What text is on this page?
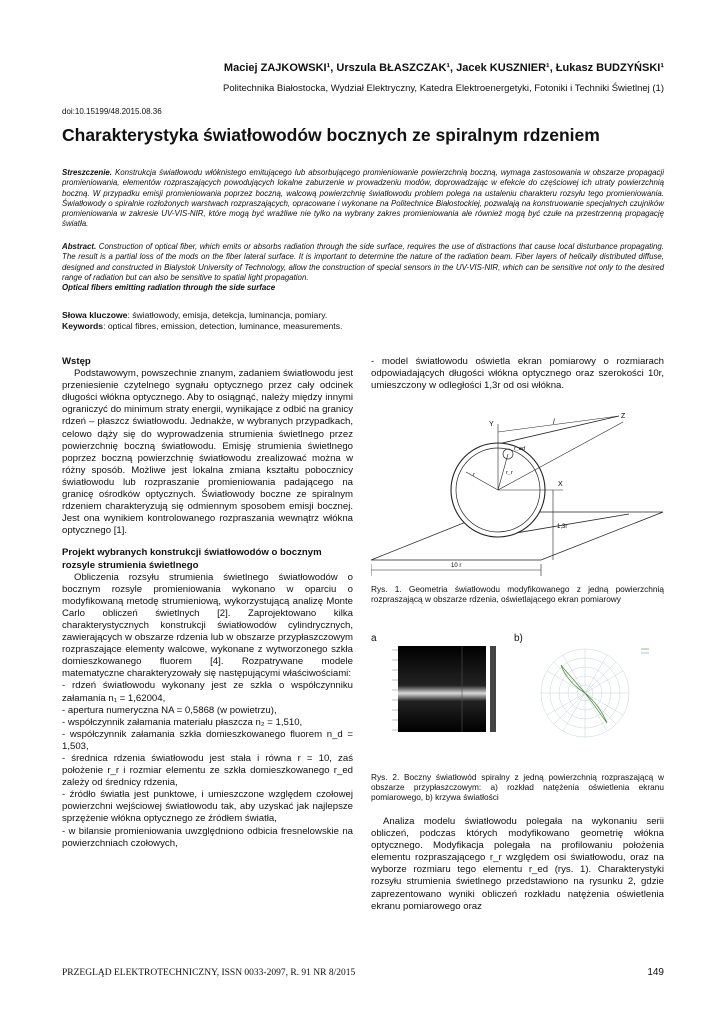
Maciej ZAJKOWSKI¹, Urszula BŁASZCZAK¹, Jacek KUSZNIER¹, Łukasz BUDZYŃSKI¹
Politechnika Białostocka, Wydział Elektryczny, Katedra Elektroenergetyki, Fotoniki i Techniki Świetlnej (1)
doi:10.15199/48.2015.08.36
Charakterystyka światłowodów bocznych ze spiralnym rdzeniem
Streszczenie. Konstrukcja światłowodu włóknistego emitującego lub absorbującego promieniowanie powierzchnią boczną, wymaga zastosowania w obszarze propagacji promieniowania, elementów rozpraszających powodujących lokalne zaburzenie w prowadzeniu modów, doprowadzając w efekcie do częściowej ich utraty powierzchnią boczną. W przypadku emisji promieniowania poprzez boczną, walcową powierzchnię światłowodu problem polega na ustaleniu charakteru rozsyłu tego promieniowania. Światłowody o spiralnie rozłożonych warstwach rozpraszających, opracowane i wykonane na Politechnice Białostockiej, pozwalają na konstruowanie specjalnych czujników promieniowania w zakresie UV-VIS-NIR, które mogą być wrażliwe nie tylko na wybrany zakres promieniowania ale również mogą być czułe na przestrzenną propagację światła.
Abstract. Construction of optical fiber, which emits or absorbs radiation through the side surface, requires the use of distractions that cause local disturbance propagating. The result is a partial loss of the mods on the fiber lateral surface. It is important to determine the nature of the radiation beam. Fiber layers of helically distributed diffuse, designed and constructed in Bialystok University of Technology, allow the construction of special sensors in the UV-VIS-NIR, which can be sensitive not only to the desired range of radiation but can also be sensitive to spatial light propagation.
Optical fibers emitting radiation through the side surface
Słowa kluczowe: światłowody, emisja, detekcja, luminancja, pomiary.
Keywords: optical fibres, emission, detection, luminance, measurements.
Wstęp
Podstawowym, powszechnie znanym, zadaniem światłowodu jest przeniesienie czytelnego sygnału optycznego przez cały odcinek długości włókna optycznego. Aby to osiągnąć, należy między innymi ograniczyć do minimum straty energii, wynikające z odbić na granicy rdzeń – płaszcz światłowodu. Jednakże, w wybranych przypadkach, celowo dąży się do wyprowadzenia strumienia świetlnego przez powierzchnię boczną światłowodu. Emisję strumienia świetlnego poprzez boczną powierzchnię światłowodu zrealizować można w różny sposób. Możliwe jest lokalna zmiana kształtu pobocznicy światłowodu lub rozpraszanie promieniowania padającego na granicę ośrodków optycznych. Światłowody boczne ze spiralnym rdzeniem charakteryzują się odmiennym sposobem emisji bocznej. Jest ona wynikiem kontrolowanego rozpraszania wewnątrz włókna optycznego [1].
Projekt wybranych konstrukcji światłowodów o bocznym rozsyle strumienia świetlnego
Obliczenia rozsyłu strumienia świetlnego światłowodów o bocznym rozsyle promieniowania wykonano w oparciu o modyfikowaną metodę strumieniową, wykorzystującą analizę Monte Carlo obliczeń świetlnych [2]. Zaprojektowano kilka charakterystycznych konstrukcji światłowodów cylindrycznych, zawierających w obszarze rdzenia lub w obszarze przypłaszczowym rozpraszające elementy walcowe, wykonane z wytworzonego szkła domieszkowanego fluorem [4]. Rozpatrywane modele matematyczne charakteryzowały się następującymi właściwościami:
- rdzeń światłowodu wykonany jest ze szkła o współczynniku załamania n₁ = 1,62004,
- apertura numeryczna NA = 0,5868 (w powietrzu),
- współczynnik załamania materiału płaszcza n₂ = 1,510,
- współczynnik załamania szkła domieszkowanego fluorem n_d = 1,503,
- średnica rdzenia światłowodu jest stała i równa r = 10, zaś położenie r_r i rozmiar elementu ze szkła domieszkowanego r_ed zależy od średnicy rdzenia,
- źródło światła jest punktowe, i umieszczone względem czołowej powierzchni wejściowej światłowodu tak, aby uzyskać jak najlepsze sprzężenie włókna optycznego ze źródłem światła,
- w bilansie promieniowania uwzględniono odbicia fresnelowskie na powierzchniach czołowych,
- model światłowodu oświetla ekran pomiarowy o rozmiarach odpowiadających długości włókna optycznego oraz szerokości 10r, umieszczony w odległości 1,3r od osi włókna.
Y
Z
X
l
r_ed
r_r
r
1,3r
10 r
Rys. 1. Geometria światłowodu modyfikowanego z jedną powierzchnią rozpraszającą w obszarze rdzenia, oświetlającego ekran pomiarowy
a	b)
Rys. 2. Boczny światłowód spiralny z jedną powierzchnią rozpraszającą w obszarze przypłaszczowym: a) rozkład natężenia oświetlenia ekranu pomiarowego, b) krzywa światłości
Analiza modelu światłowodu polegała na wykonaniu serii obliczeń, podczas których modyfikowano geometrię włókna optycznego. Modyfikacja polegała na profilowaniu położenia elementu rozpraszającego r_r względem osi światłowodu, oraz na wyborze rozmiaru tego elementu r_ed (rys. 1). Charakterystyki rozsyłu strumienia świetlnego przedstawiono na rysunku 2, gdzie zaprezentowano wyniki obliczeń rozkładu natężenia oświetlenia ekranu pomiarowego oraz
PRZEGLĄD ELEKTROTECHNICZNY, ISSN 0033-2097, R. 91 NR 8/2015	149
